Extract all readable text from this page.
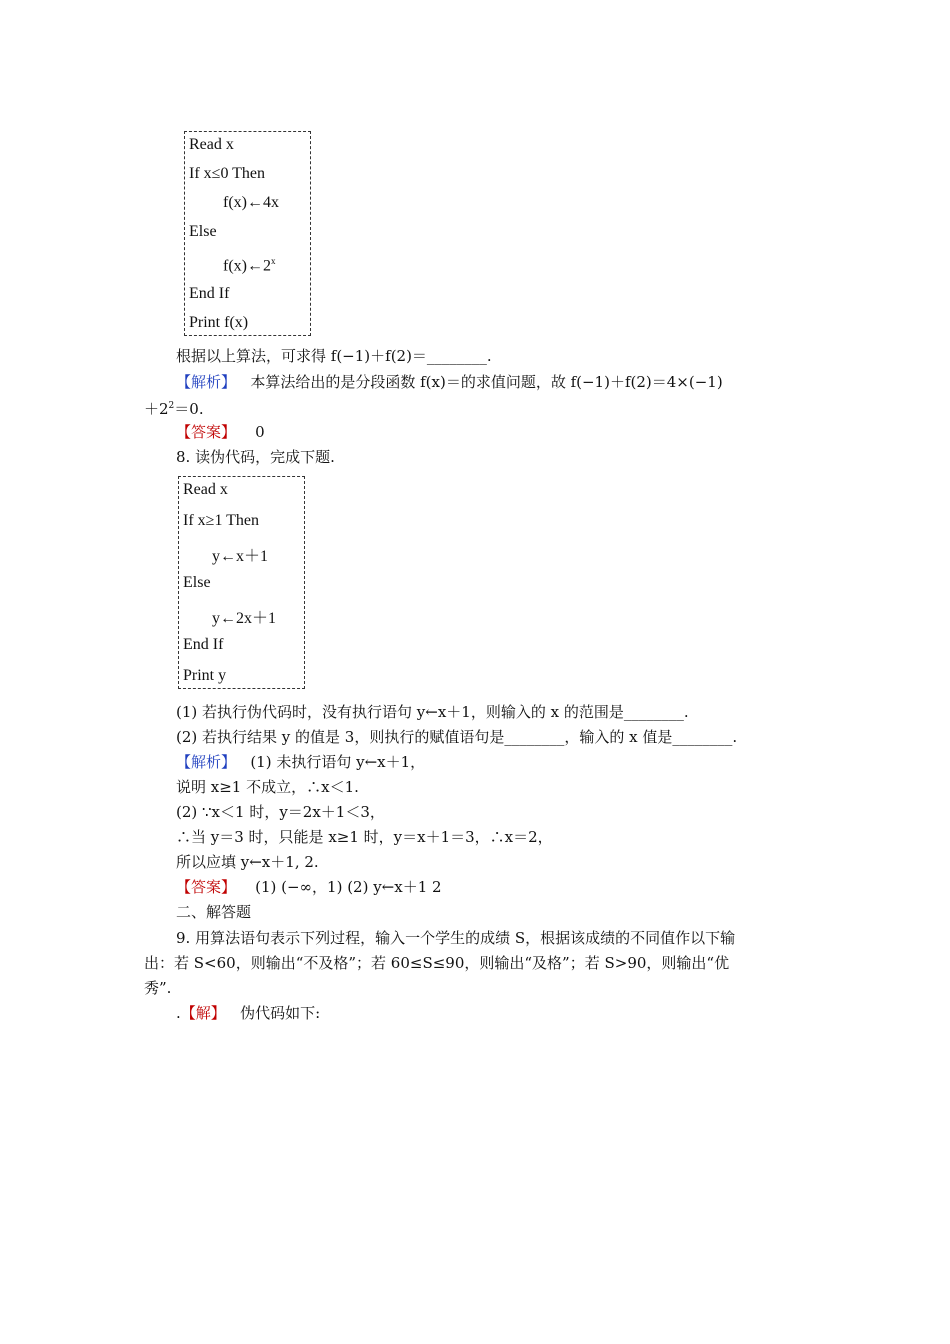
Read x
If x≤0 Then
f(x)←4x
Else
f(x)←2$^x$
End If
Print f(x)
根据以上算法，可求得 f(−1)＋f(2)＝________.
【解析】 本算法给出的是分段函数 f(x)＝的求值问题，故 f(−1)＋f(2)＝4×(−1)
$+2^2=0$.
【答案】 0
8. 读伪代码，完成下题.
Read x
If x≥1 Then
y←x＋1
Else
y←2x＋1
End If
Print y
(1) 若执行伪代码时，没有执行语句 y←x＋1，则输入的 x 的范围是________.
(2) 若执行结果 y 的值是 3，则执行的赋值语句是________，输入的 x 值是________.
【解析】 (1) 未执行语句 y←x＋1，
说明 x≥1 不成立，∴x＜1.
(2) ∵x＜1 时，y＝2x＋1＜3，
∴当 y＝3 时，只能是 x≥1 时，y＝x＋1＝3，∴x＝2，
所以应填 y←x＋1, 2.
【答案】 (1) (−∞，1) (2) y←x＋1 2
二、解答题
9. 用算法语句表示下列过程，输入一个学生的成绩 S，根据该成绩的不同值作以下输
出：若 S<60，则输出“不及格”；若 60≤S≤90，则输出“及格”；若 S>90，则输出“优
秀”.
.【解】 伪代码如下:
